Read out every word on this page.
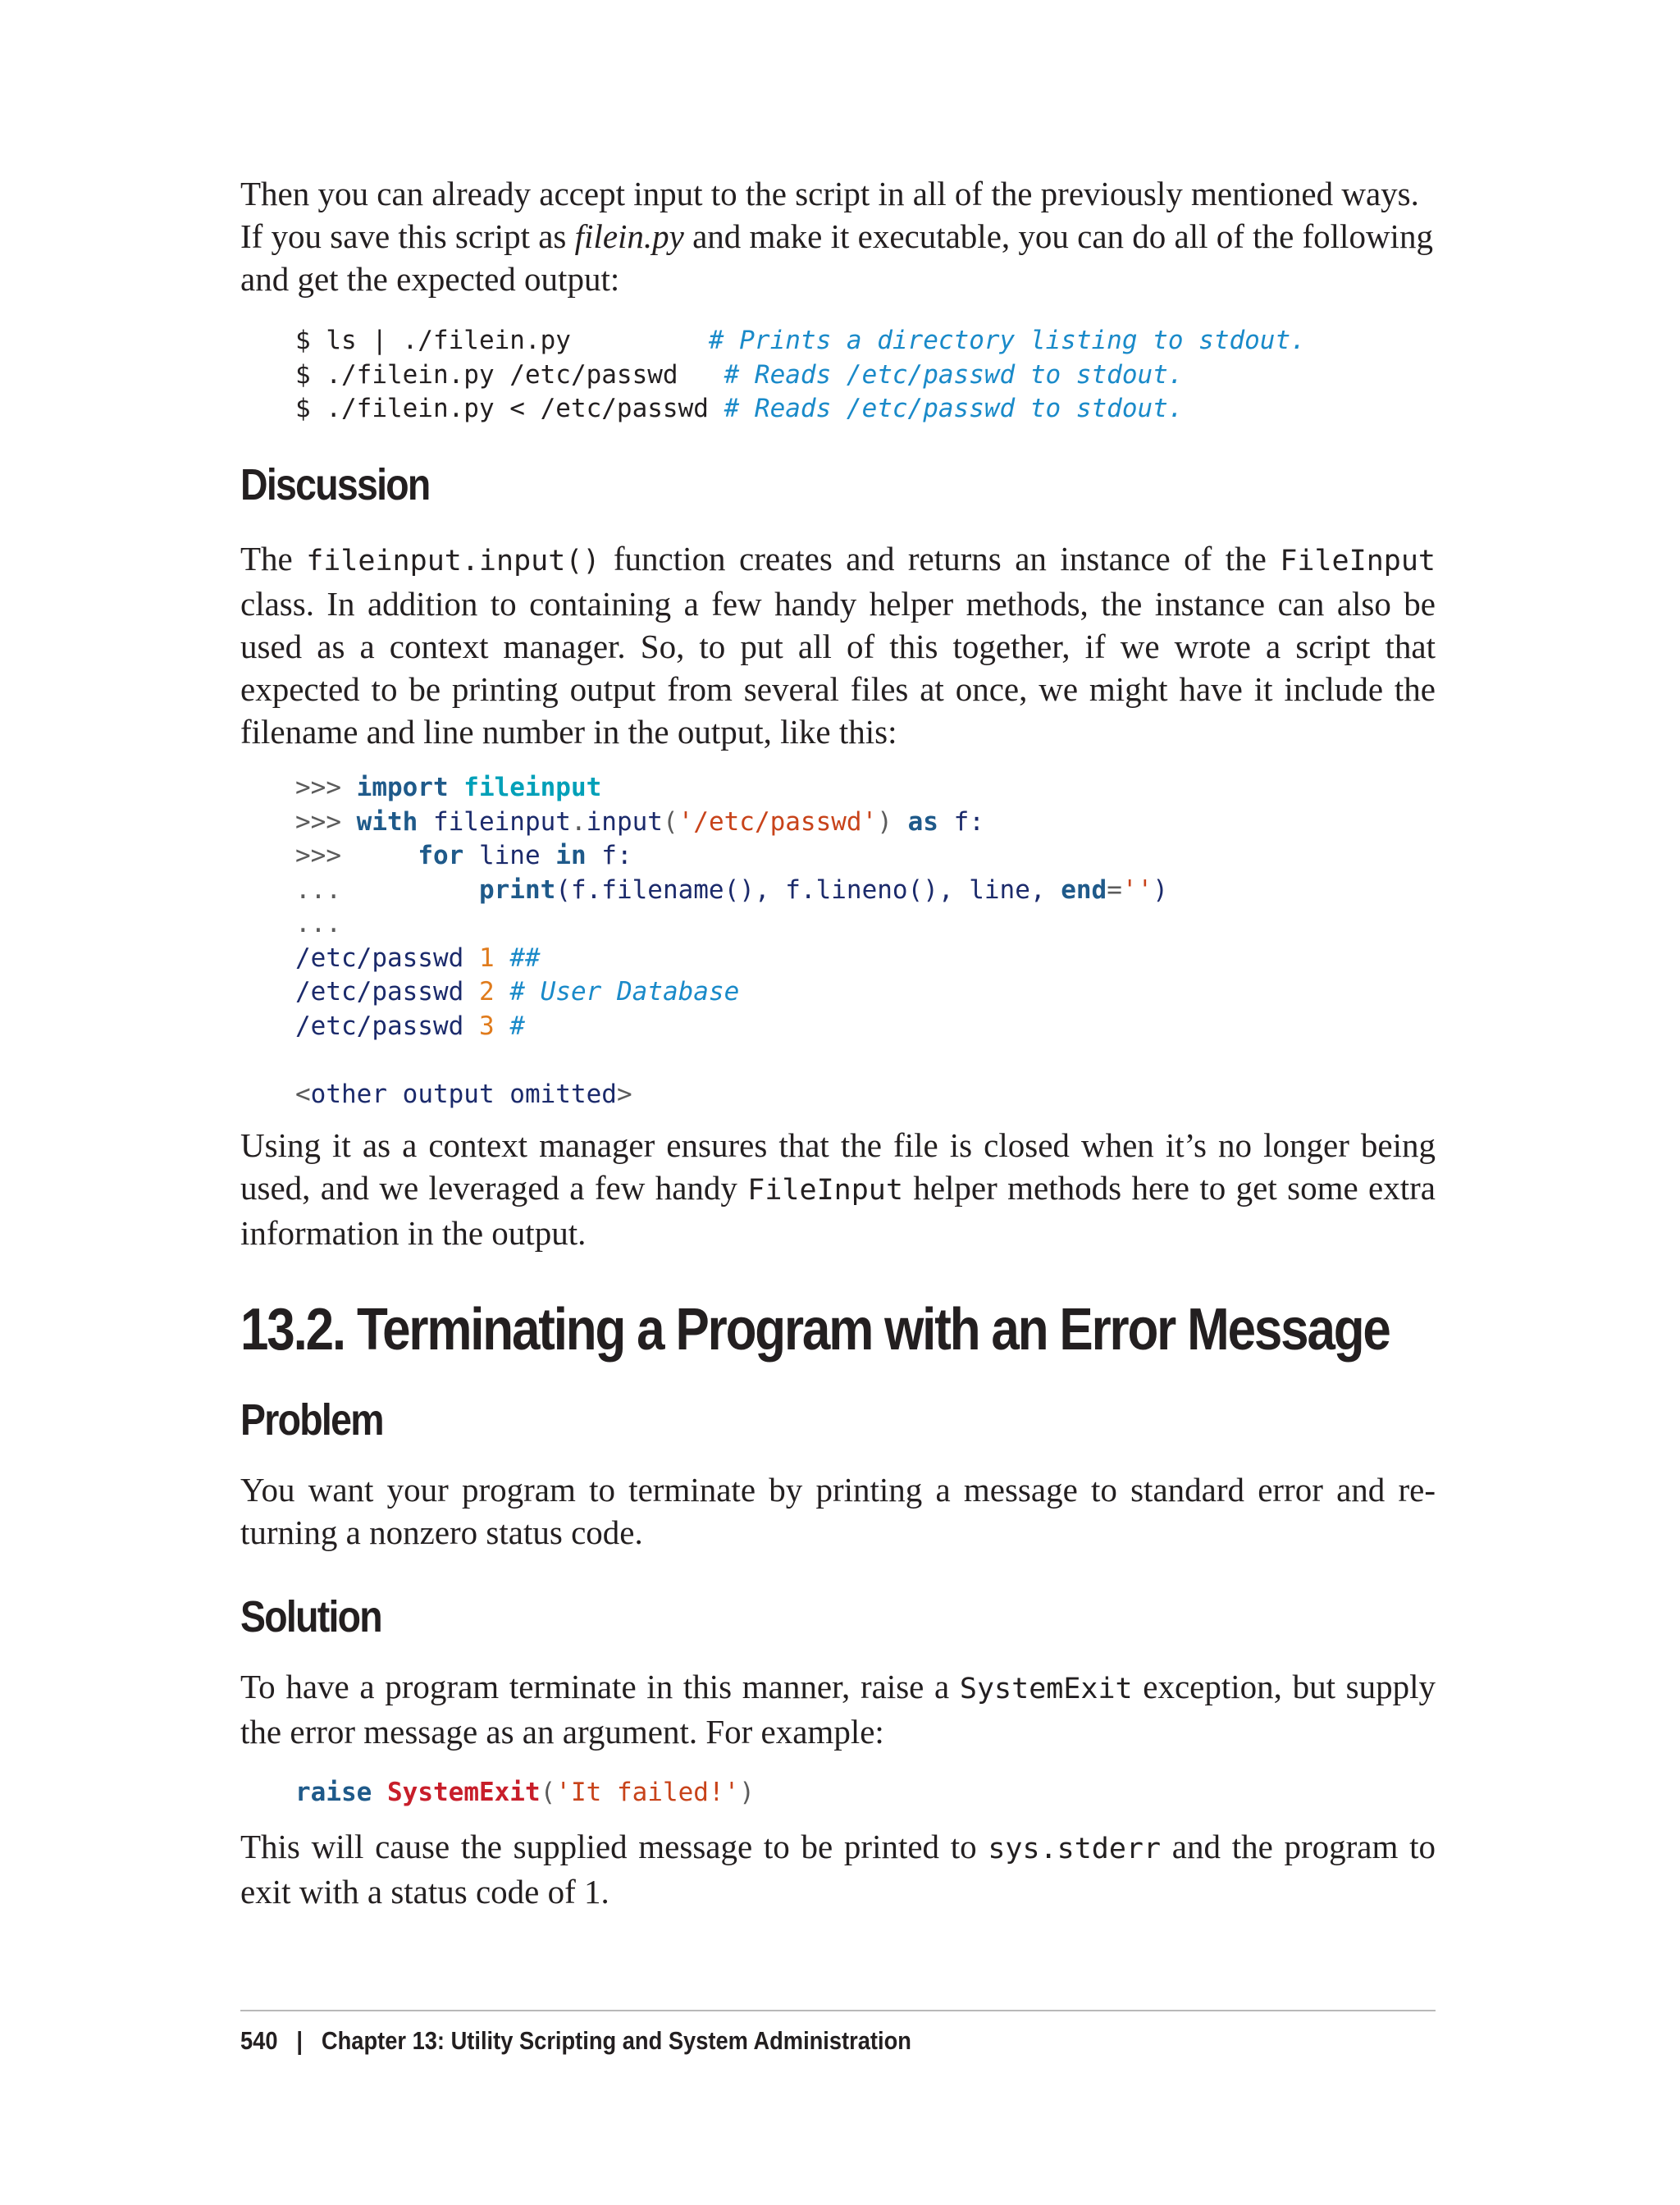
Then you can already accept input to the script in all of the previously mentioned ways.

If you save this script as filein.py and make it executable, you can do all of the following

and get the expected output:

$ ls | ./filein.py         # Prints a directory listing to stdout.
$ ./filein.py /etc/passwd   # Reads /etc/passwd to stdout.
$ ./filein.py < /etc/passwd # Reads /etc/passwd to stdout.
Discussion

The fileinput.input() function creates and returns an instance of the FileInput class. In addition to containing a few handy helper methods, the instance can also be used as a context manager. So, to put all of this together, if we wrote a script that expected to be printing output from several files at once, we might have it include the filename and line number in the output, like this:

>>> import fileinput
>>> with fileinput.input('/etc/passwd') as f:
>>>     for line in f:
...         print(f.filename(), f.lineno(), line, end='')
...
/etc/passwd 1 ##
/etc/passwd 2 # User Database
/etc/passwd 3 #

<other output omitted>

Using it as a context manager ensures that the file is closed when it’s no longer being used, and we leveraged a few handy FileInput helper methods here to get some extra information in the output.

13.2. Terminating a Program with an Error Message
Problem

You want your program to terminate by printing a message to standard error and re-turning a nonzero status code.

Solution

To have a program terminate in this manner, raise a SystemExit exception, but supply the error message as an argument. For example:

raise SystemExit('It failed!')

This will cause the supplied message to be printed to sys.stderr and the program to exit with a status code of 1.

540 | Chapter 13: Utility Scripting and System Administration
